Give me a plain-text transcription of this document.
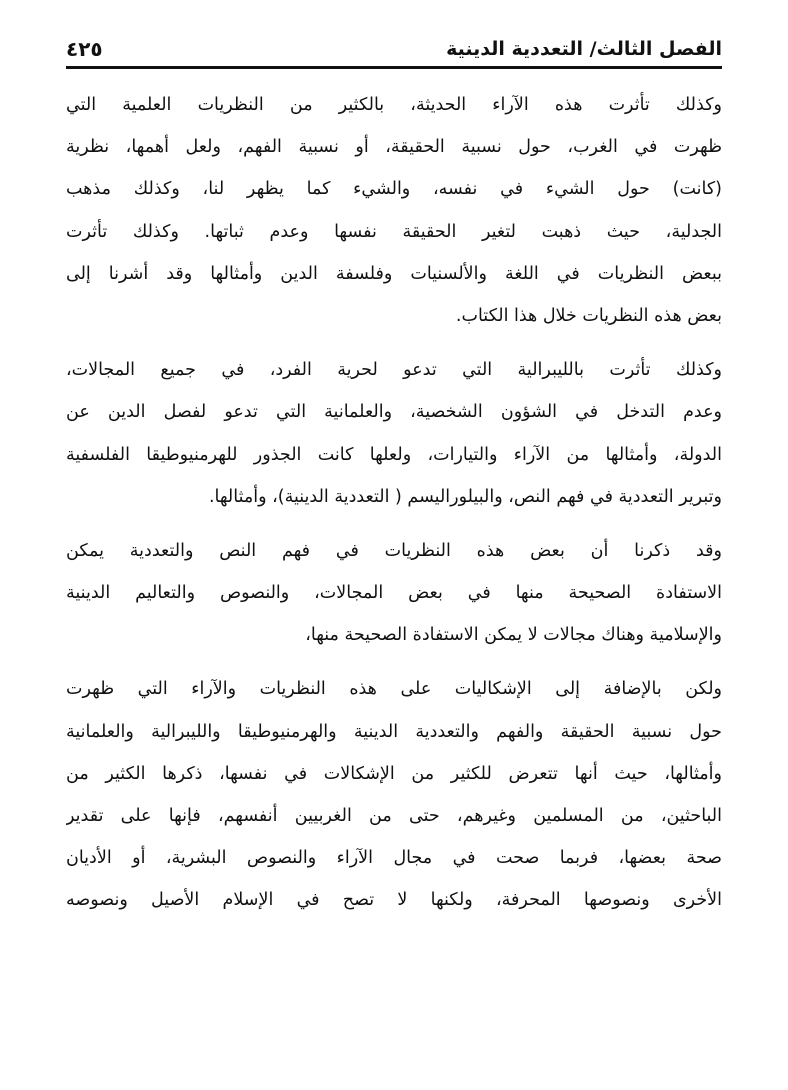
الفصل الثالث/ التعددية الدينية
٤٢٥
وكذلك تأثرت هذه الآراء الحديثة، بالكثير من النظريات العلمية التي
ظهرت في الغرب، حول نسبية الحقيقة، أو نسبية الفهم، ولعل أهمها، نظرية
(كانت) حول الشيء في نفسه، والشيء كما يظهر لنا، وكذلك مذهب
الجدلية، حيث ذهبت لتغير الحقيقة نفسها وعدم ثباتها. وكذلك تأثرت
ببعض النظريات في اللغة والألسنيات وفلسفة الدين وأمثالها وقد أشرنا إلى
بعض هذه النظريات خلال هذا الكتاب.
وكذلك تأثرت بالليبرالية التي تدعو لحرية الفرد، في جميع المجالات،
وعدم التدخل في الشؤون الشخصية، والعلمانية التي تدعو لفصل الدين عن
الدولة، وأمثالها من الآراء والتيارات، ولعلها كانت الجذور للهرمنيوطيقا الفلسفية
وتبرير التعددية في فهم النص، والبيلوراليسم ( التعددية الدينية)، وأمثالها.
وقد ذكرنا أن بعض هذه النظريات في فهم النص والتعددية يمكن
الاستفادة الصحيحة منها في بعض المجالات، والنصوص والتعاليم الدينية
والإسلامية وهناك مجالات لا يمكن الاستفادة الصحيحة منها،
ولكن بالإضافة إلى الإشكاليات على هذه النظريات والآراء التي ظهرت
حول نسبية الحقيقة والفهم والتعددية الدينية والهرمنيوطيقا والليبرالية والعلمانية
وأمثالها، حيث أنها تتعرض للكثير من الإشكالات في نفسها، ذكرها الكثير من
الباحثين، من المسلمين وغيرهم، حتى من الغربيين أنفسهم، فإنها على تقدير
صحة بعضها، فربما صحت في مجال الآراء والنصوص البشرية، أو الأديان
الأخرى ونصوصها المحرفة، ولكنها لا تصح في الإسلام الأصيل ونصوصه
